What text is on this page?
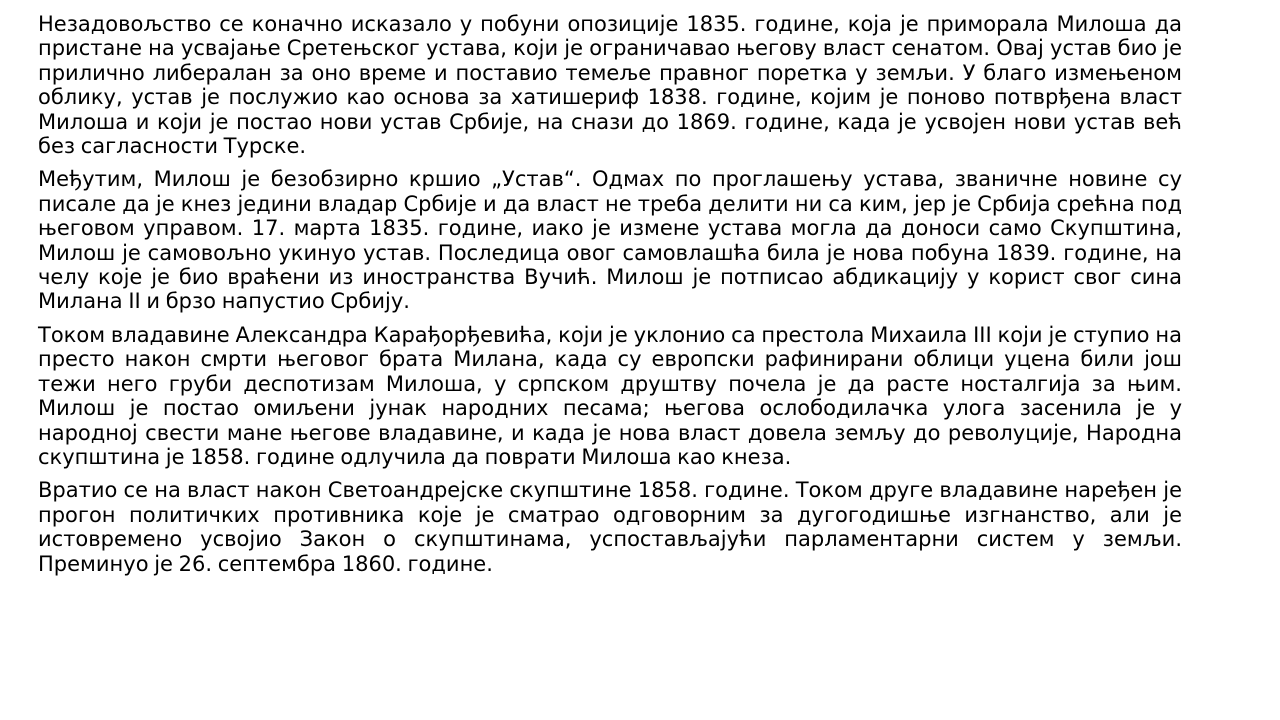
Незадовољство се коначно исказало у побуни опозиције 1835. године, која је приморала Милоша да пристане на усвајање Сретењског устава, који је ограничавао његову власт сенатом. Овај устав био је прилично либералан за оно време и поставио темеље правног поретка у земљи. У благо измењеном облику, устав је послужио као основа за хатишериф 1838. године, којим је поново потврђена власт Милоша и који је постао нови устав Србије, на снази до 1869. године, када је усвојен нови устав већ без сагласности Турске.

Међутим, Милош је безобзирно кршио „Устав“. Одмах по проглашењу устава, званичне новине су писале да је кнез једини владар Србије и да власт не треба делити ни са ким, јер је Србија срећна под његовом управом. 17. марта 1835. године, иако је измене устава могла да доноси само Скупштина, Милош је самовољно укинуо устав. Последица овог самовлашћа била је нова побуна 1839. године, на челу које је био враћени из иностранства Вучић. Милош је потписао абдикацију у корист свог сина Милана II и брзо напустио Србију.

Током владавине Александра Карађорђевића, који је уклонио са престола Михаила III који је ступио на престо након смрти његовог брата Милана, када су европски рафинирани облици уцена били још тежи него груби деспотизам Милоша, у српском друштву почела је да расте носталгија за њим. Милош је постао омиљени јунак народних песама; његова ослободилачка улога засенила је у народној свести мане његове владавине, и када је нова власт довела земљу до револуције, Народна скупштина је 1858. године одлучила да поврати Милоша као кнеза.

Вратио се на власт након Светоандрејске скупштине 1858. године. Током друге владавине наређен је прогон политичких противника које је сматрао одговорним за дугогодишње изгнанство, али је истовремено усвојио Закон о скупштинама, успостављајући парламентарни систем у земљи. Преминуо је 26. септембра 1860. године.
